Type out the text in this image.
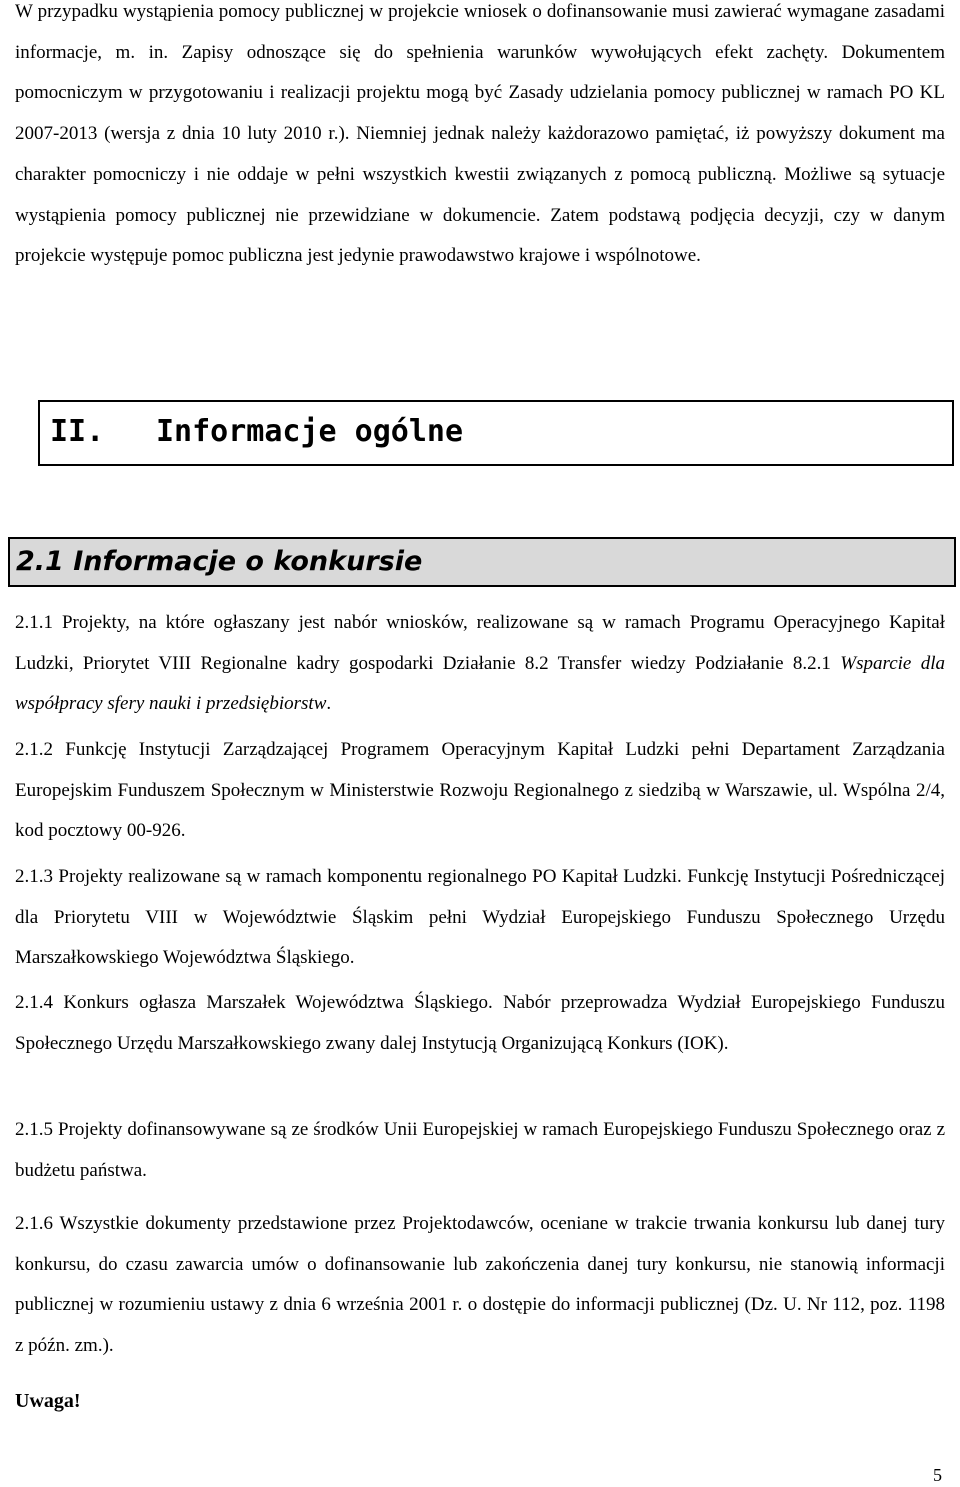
W przypadku wystąpienia pomocy publicznej w projekcie wniosek o dofinansowanie musi zawierać wymagane zasadami informacje, m. in. Zapisy odnoszące się do spełnienia warunków wywołujących efekt zachęty. Dokumentem pomocniczym w przygotowaniu i realizacji projektu mogą być Zasady udzielania pomocy publicznej w ramach PO KL 2007-2013 (wersja z dnia 10 luty 2010 r.). Niemniej jednak należy każdorazowo pamiętać, iż powyższy dokument ma charakter pomocniczy i nie oddaje w pełni wszystkich kwestii związanych z pomocą publiczną. Możliwe są sytuacje wystąpienia pomocy publicznej nie przewidziane w dokumencie. Zatem podstawą podjęcia decyzji, czy w danym projekcie występuje pomoc publiczna jest jedynie prawodawstwo krajowe i wspólnotowe.

II. Informacje ogólne
2.1 Informacje o konkursie

2.1.1 Projekty, na które ogłaszany jest nabór wniosków, realizowane są w ramach Programu Operacyjnego Kapitał Ludzki, Priorytet VIII Regionalne kadry gospodarki Działanie 8.2 Transfer wiedzy Podziałanie 8.2.1 Wsparcie dla współpracy sfery nauki i przedsiębiorstw.

2.1.2 Funkcję Instytucji Zarządzającej Programem Operacyjnym Kapitał Ludzki pełni Departament Zarządzania Europejskim Funduszem Społecznym w Ministerstwie Rozwoju Regionalnego z siedzibą w Warszawie, ul. Wspólna 2/4, kod pocztowy 00-926.

2.1.3 Projekty realizowane są w ramach komponentu regionalnego PO Kapitał Ludzki. Funkcję Instytucji Pośredniczącej dla Priorytetu VIII w Województwie Śląskim pełni Wydział Europejskiego Funduszu Społecznego Urzędu Marszałkowskiego Województwa Śląskiego.

2.1.4 Konkurs ogłasza Marszałek Województwa Śląskiego. Nabór przeprowadza Wydział Europejskiego Funduszu Społecznego Urzędu Marszałkowskiego zwany dalej Instytucją Organizującą Konkurs (IOK).

2.1.5 Projekty dofinansowywane są ze środków Unii Europejskiej w ramach Europejskiego Funduszu Społecznego oraz z budżetu państwa.

2.1.6 Wszystkie dokumenty przedstawione przez Projektodawców, oceniane w trakcie trwania konkursu lub danej tury konkursu, do czasu zawarcia umów o dofinansowanie lub zakończenia danej tury konkursu, nie stanowią informacji publicznej w rozumieniu ustawy z dnia 6 września 2001 r. o dostępie do informacji publicznej (Dz. U. Nr 112, poz. 1198 z późn. zm.).

Uwaga!
5
